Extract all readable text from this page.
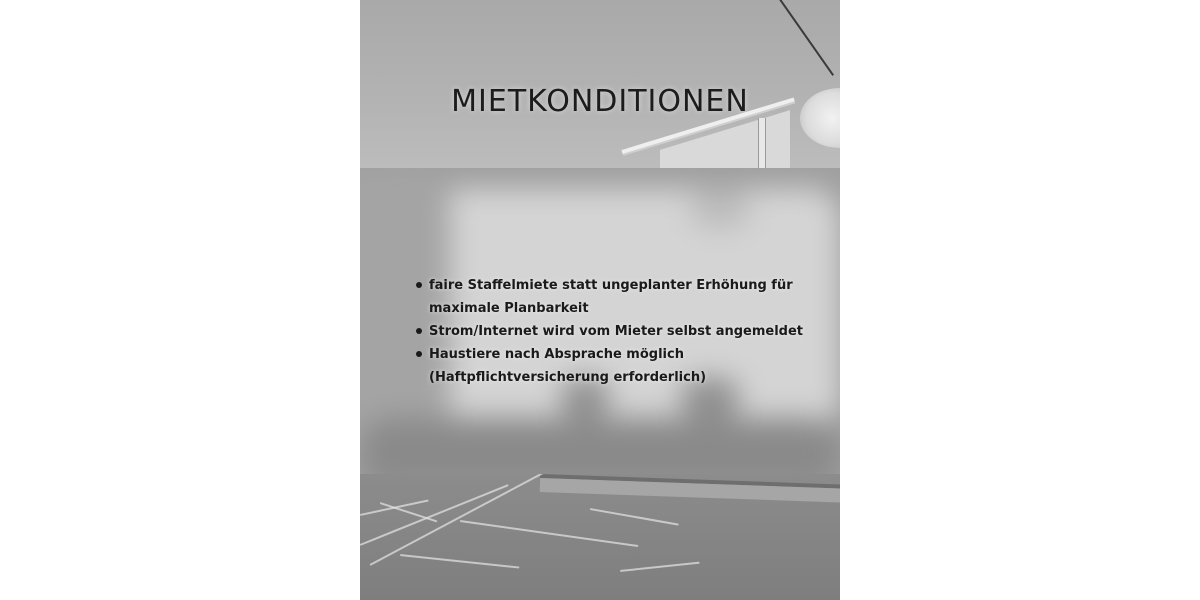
MIETKONDITIONEN
faire Staffelmiete statt ungeplanter Erhöhung für
maximale Planbarkeit
Strom/Internet wird vom Mieter selbst angemeldet
Haustiere nach Absprache möglich
(Haftpflichtversicherung erforderlich)
